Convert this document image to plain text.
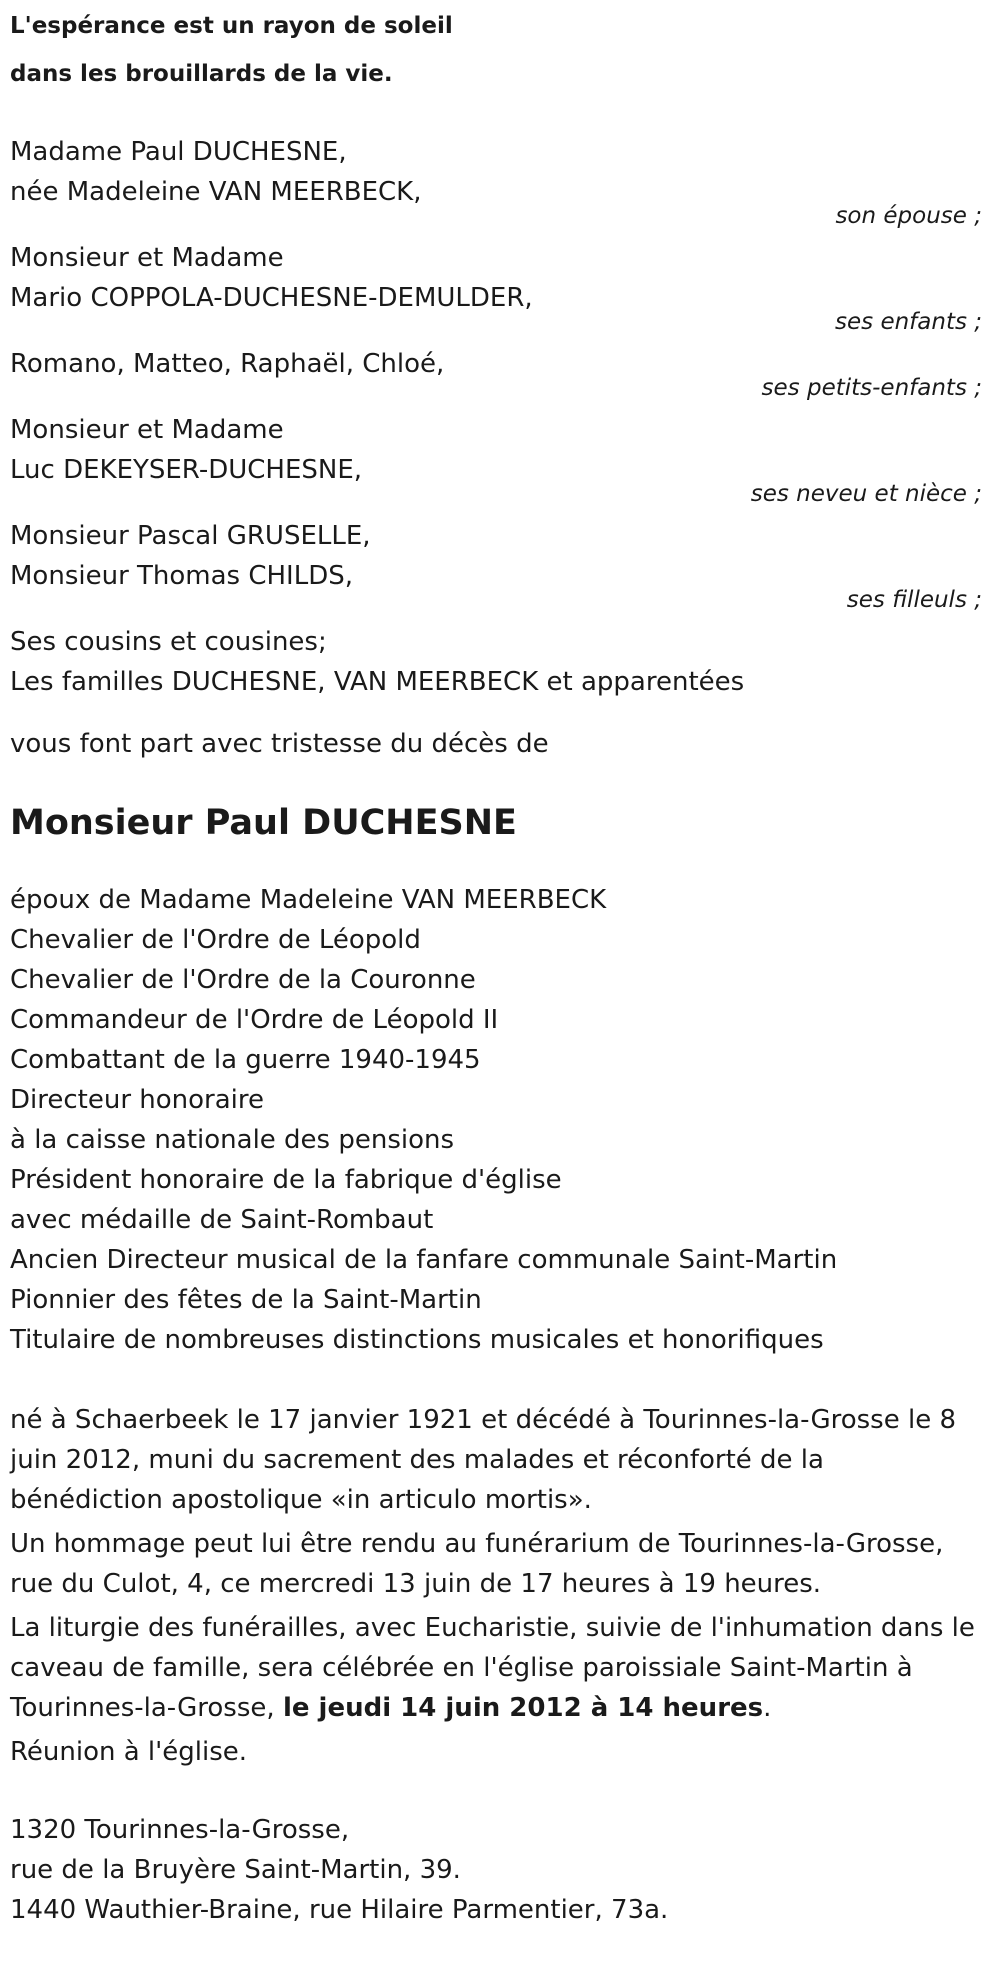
L'espérance est un rayon de soleil
dans les brouillards de la vie.
Madame Paul DUCHESNE,
née Madeleine VAN MEERBECK,
son épouse ;
Monsieur et Madame
Mario COPPOLA-DUCHESNE-DEMULDER,
ses enfants ;
Romano, Matteo, Raphaël, Chloé,
ses petits-enfants ;
Monsieur et Madame
Luc DEKEYSER-DUCHESNE,
ses neveu et nièce ;
Monsieur Pascal GRUSELLE,
Monsieur Thomas CHILDS,
ses filleuls ;
Ses cousins et cousines;
Les familles DUCHESNE, VAN MEERBECK et apparentées
vous font part avec tristesse du décès de
Monsieur Paul DUCHESNE
époux de Madame Madeleine VAN MEERBECK
Chevalier de l'Ordre de Léopold
Chevalier de l'Ordre de la Couronne
Commandeur de l'Ordre de Léopold II
Combattant de la guerre 1940-1945
Directeur honoraire
à la caisse nationale des pensions
Président honoraire de la fabrique d'église
avec médaille de Saint-Rombaut
Ancien Directeur musical de la fanfare communale Saint-Martin
Pionnier des fêtes de la Saint-Martin
Titulaire de nombreuses distinctions musicales et honorifiques
né à Schaerbeek le 17 janvier 1921 et décédé à Tourinnes-la-Grosse le 8 juin 2012, muni du sacrement des malades et réconforté de la bénédiction apostolique «in articulo mortis».
Un hommage peut lui être rendu au funérarium de Tourinnes-la-Grosse, rue du Culot, 4, ce mercredi 13 juin de 17 heures à 19 heures.
La liturgie des funérailles, avec Eucharistie, suivie de l'inhumation dans le caveau de famille, sera célébrée en l'église paroissiale Saint-Martin à Tourinnes-la-Grosse, le jeudi 14 juin 2012 à 14 heures.
Réunion à l'église.
1320 Tourinnes-la-Grosse,
rue de la Bruyère Saint-Martin, 39.
1440 Wauthier-Braine, rue Hilaire Parmentier, 73a.
